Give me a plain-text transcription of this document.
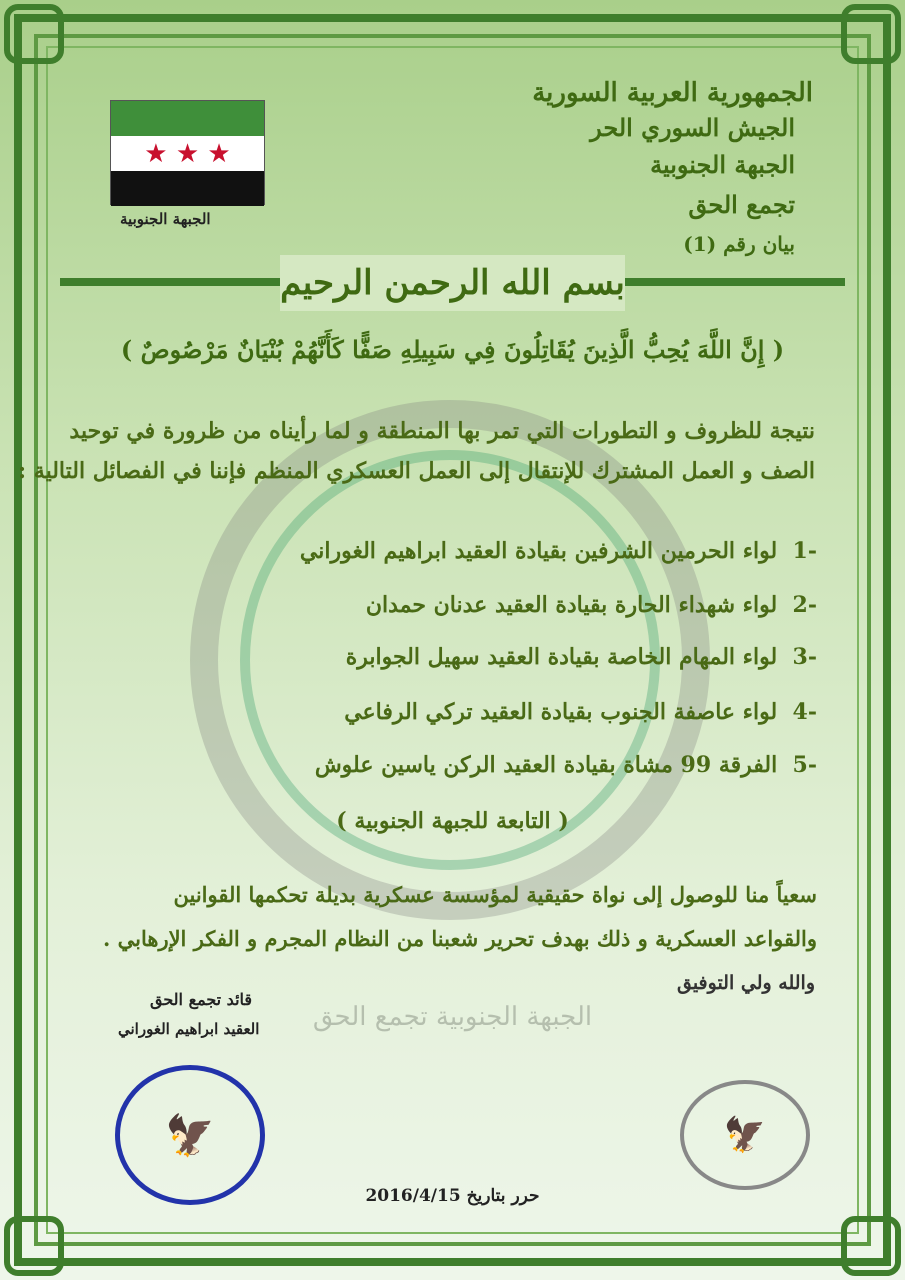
الجمهورية العربية السورية
الجيش السوري الحر
الجبهة الجنوبية
تجمع الحق
بيان رقم (1)
★ ★ ★
الجبهة الجنوبية
بسم الله الرحمن الرحيم
( إِنَّ اللَّهَ يُحِبُّ الَّذِينَ يُقَاتِلُونَ فِي سَبِيلِهِ صَفًّا كَأَنَّهُمْ بُنْيَانٌ مَرْصُوصٌ )
نتيجة للظروف و التطورات التي تمر بها المنطقة و لما رأيناه من ظرورة في توحيد
الصف و العمل المشترك للإنتقال إلى العمل العسكري المنظم فإننا في الفصائل التالية :
-1  لواء الحرمين الشرفين بقيادة العقيد ابراهيم الغوراني
-2  لواء شهداء الحارة بقيادة العقيد عدنان حمدان
-3  لواء المهام الخاصة بقيادة العقيد سهيل الجوابرة
-4  لواء عاصفة الجنوب بقيادة العقيد تركي الرفاعي
-5  الفرقة 99 مشاة بقيادة العقيد الركن ياسين علوش
( التابعة للجبهة الجنوبية )
سعياً منا للوصول إلى نواة حقيقية لمؤسسة عسكرية بديلة تحكمها القوانين
والقواعد العسكرية و ذلك بهدف تحرير شعبنا من النظام المجرم و الفكر الإرهابي .
والله ولي التوفيق
الجبهة الجنوبية تجمع الحق
قائد تجمع الحق
العقيد ابراهيم الغوراني
🦅	🦅
حرر بتاريخ 2016/4/15
